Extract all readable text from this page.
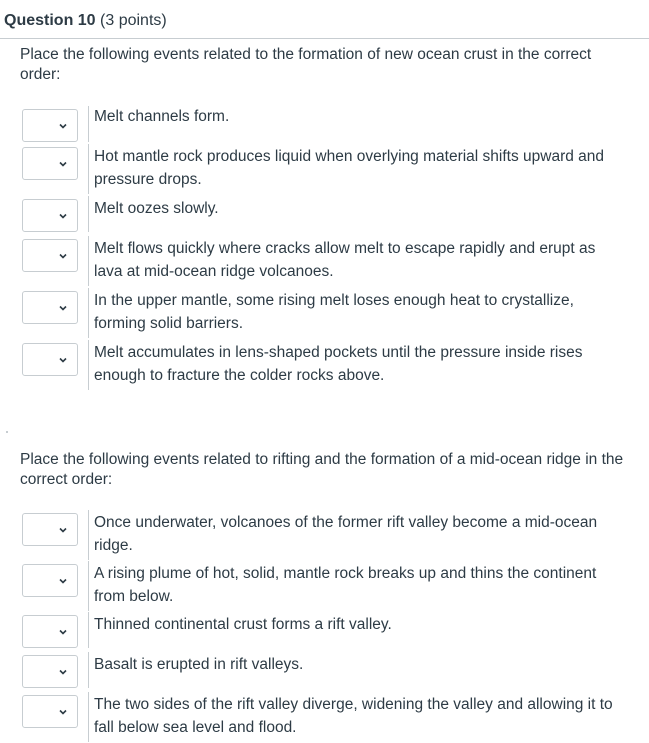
Question 10 (3 points)
Place the following events related to the formation of new ocean crust in the correct order:
Melt channels form.
Hot mantle rock produces liquid when overlying material shifts upward and pressure drops.
Melt oozes slowly.
Melt flows quickly where cracks allow melt to escape rapidly and erupt as lava at mid-ocean ridge volcanoes.
In the upper mantle, some rising melt loses enough heat to crystallize, forming solid barriers.
Melt accumulates in lens-shaped pockets until the pressure inside rises enough to fracture the colder rocks above.
Place the following events related to rifting and the formation of a mid-ocean ridge in the correct order:
Once underwater, volcanoes of the former rift valley become a mid-ocean ridge.
A rising plume of hot, solid, mantle rock breaks up and thins the continent from below.
Thinned continental crust forms a rift valley.
Basalt is erupted in rift valleys.
The two sides of the rift valley diverge, widening the valley and allowing it to fall below sea level and flood.
